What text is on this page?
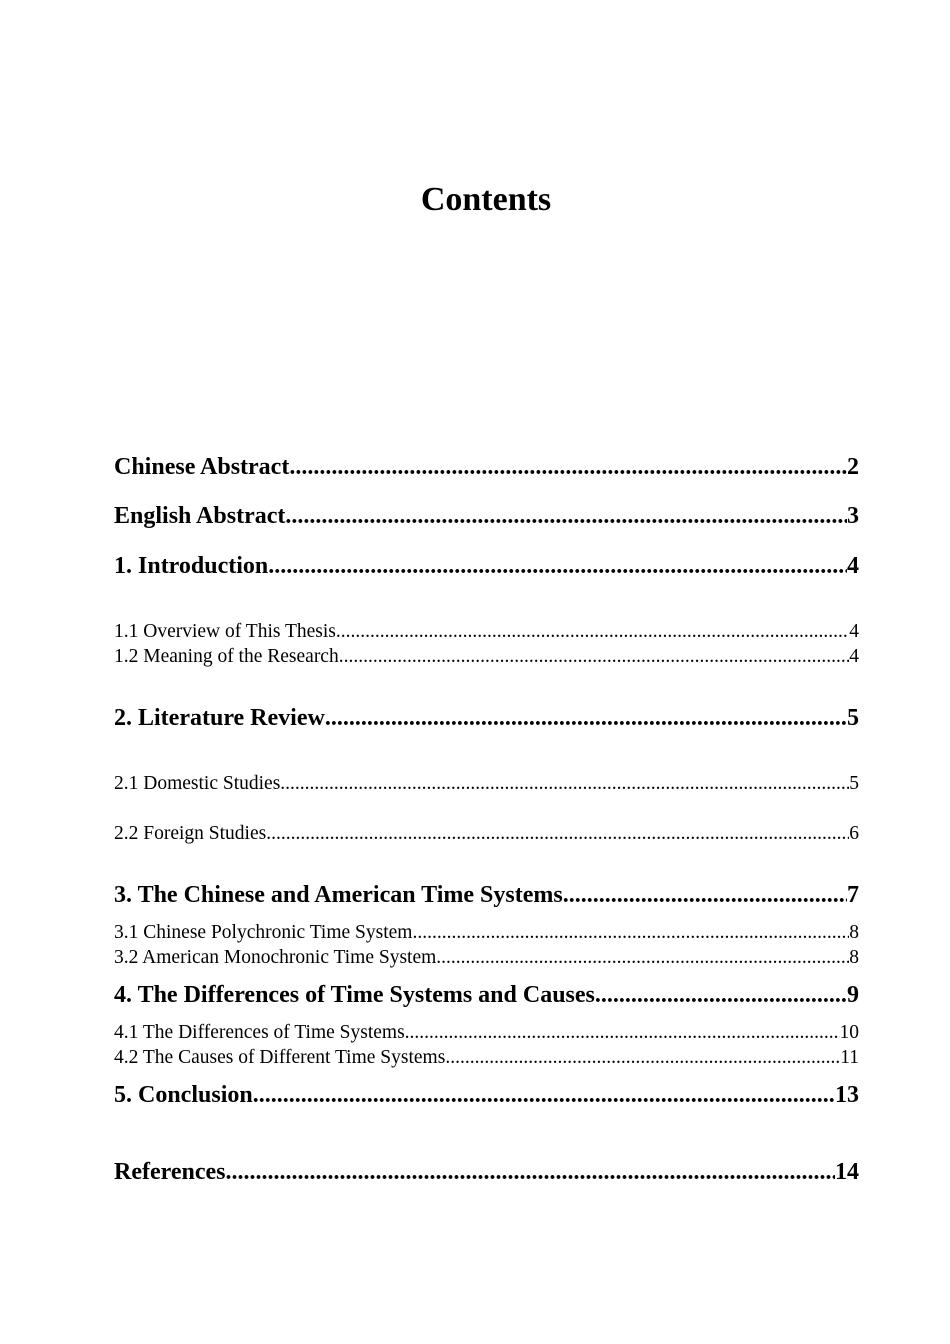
Contents
Chinese Abstract .....	2
English Abstract .....	3
1. Introduction .....	4
1.1 Overview of This Thesis .....	4
1.2 Meaning of the Research .....	4
2. Literature Review .....	5
2.1 Domestic Studies .....	5
2.2 Foreign Studies .....	6
3. The Chinese and American Time Systems .....	7
3.1 Chinese Polychronic Time System .....	8
3.2 American Monochronic Time System .....	8
4. The Differences of Time Systems and Causes .....	9
4.1 The Differences of Time Systems .....	10
4.2 The Causes of Different Time Systems .....	11
5. Conclusion .....	13
References .....	14
